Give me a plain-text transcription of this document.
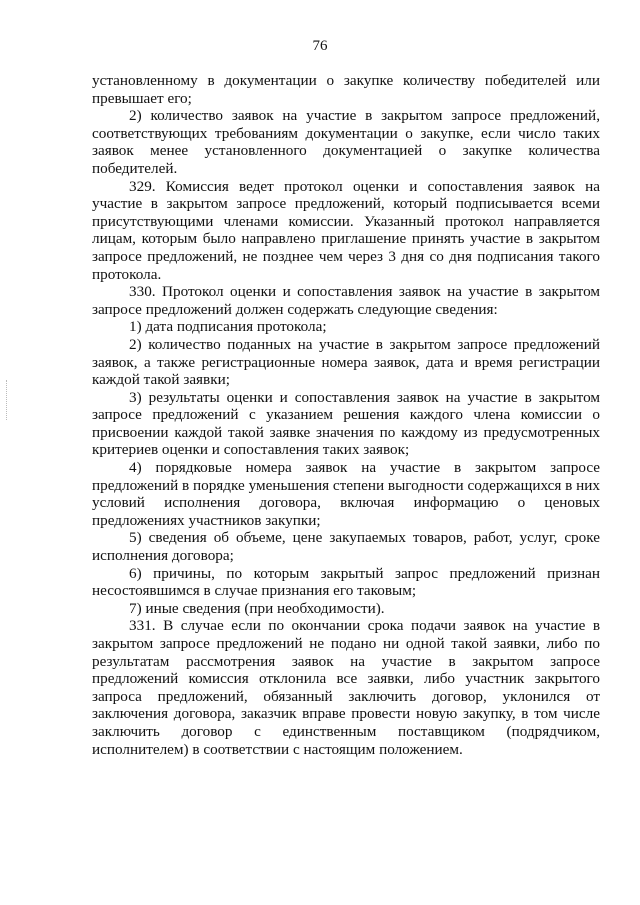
76

установленному в документации о закупке количеству победителей или превышает его;

2) количество заявок на участие в закрытом запросе предложений, соответствующих требованиям документации о закупке, если число таких заявок менее установленного документацией о закупке количества победителей.

329. Комиссия ведет протокол оценки и сопоставления заявок на участие в закрытом запросе предложений, который подписывается всеми присутствующими членами комиссии. Указанный протокол направляется лицам, которым было направлено приглашение принять участие в закрытом запросе предложений, не позднее чем через 3 дня со дня подписания такого протокола.

330. Протокол оценки и сопоставления заявок на участие в закрытом запросе предложений должен содержать следующие сведения:

1) дата подписания протокола;

2) количество поданных на участие в закрытом запросе предложений заявок, а также регистрационные номера заявок, дата и время регистрации каждой такой заявки;

3) результаты оценки и сопоставления заявок на участие в закрытом запросе предложений с указанием решения каждого члена комиссии о присвоении каждой такой заявке значения по каждому из предусмотренных критериев оценки и сопоставления таких заявок;

4) порядковые номера заявок на участие в закрытом запросе предложений в порядке уменьшения степени выгодности содержащихся в них условий исполнения договора, включая информацию о ценовых предложениях участников закупки;

5) сведения об объеме, цене закупаемых товаров, работ, услуг, сроке исполнения договора;

6) причины, по которым закрытый запрос предложений признан несостоявшимся в случае признания его таковым;

7) иные сведения (при необходимости).

331. В случае если по окончании срока подачи заявок на участие в закрытом запросе предложений не подано ни одной такой заявки, либо по результатам рассмотрения заявок на участие в закрытом запросе предложений комиссия отклонила все заявки, либо участник закрытого запроса предложений, обязанный заключить договор, уклонился от заключения договора, заказчик вправе провести новую закупку, в том числе заключить договор с единственным поставщиком (подрядчиком, исполнителем) в соответствии с настоящим положением.
